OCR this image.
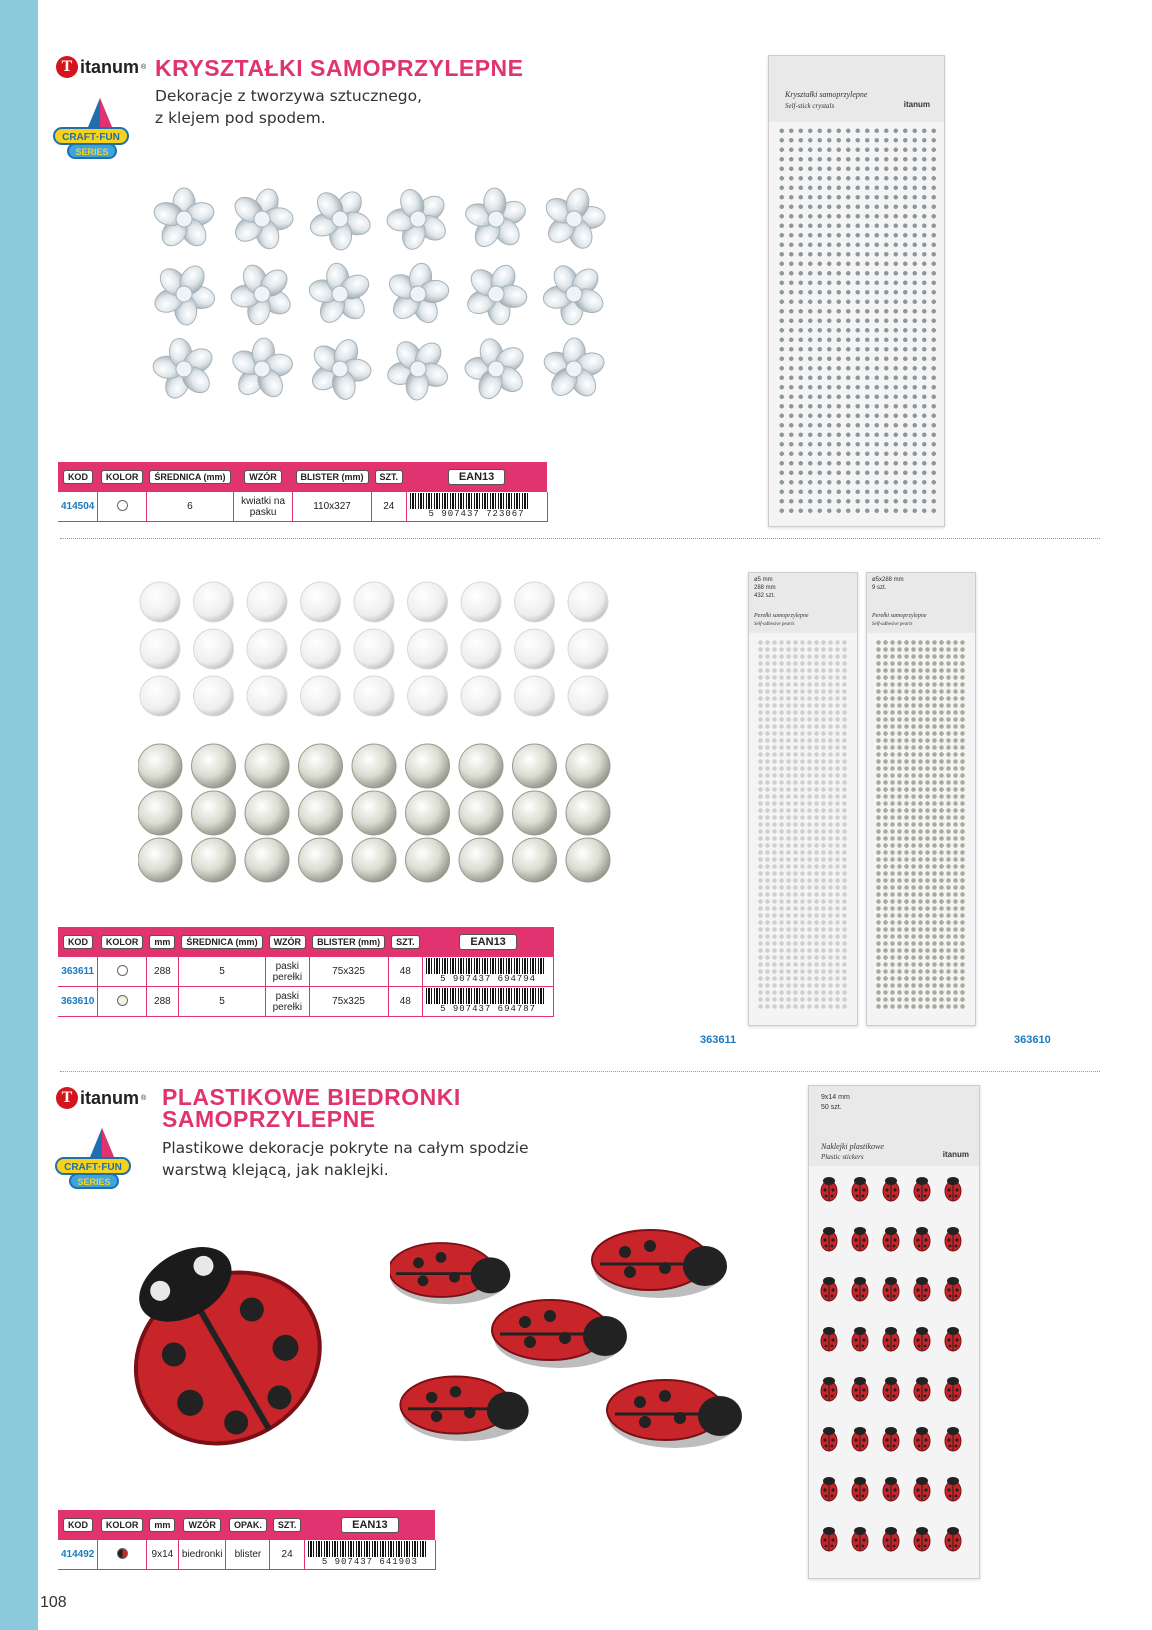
T itanum ® KRYSZTAŁKI SAMOPRZYLEPNE
Dekoracje z tworzywa sztucznego,
z klejem pod spodem.
CRAFT·FUN
SERIES
KOD	KOLOR	ŚREDNICA (mm)	WZÓR	BLISTER (mm)	SZT.	EAN13
414504		6	kwiatki na pasku	110x327	24	5 907437 723067
Kryształki samoprzylepne
Self-stick crystals	itanum
KOD	KOLOR	mm	ŚREDNICA (mm)	WZÓR	BLISTER (mm)	SZT.	EAN13
363611		288	5	paski perełki	75x325	48	5 907437 694794

363610		288	5	paski perełki	75x325	48	5 907437 694787
ø5 mm
288 mm
432 szt.
Perełki samoprzylepne
Self-adhesive pearls
363611
ø5x288 mm
9 szt.
Perełki samoprzylepne
Self-adhesive pearls
363610
T itanum ® PLASTIKOWE BIEDRONKI
SAMOPRZYLEPNE
Plastikowe dekoracje pokryte na całym spodzie
warstwą klejącą, jak naklejki.
CRAFT·FUN
SERIES
KOD	KOLOR	mm	WZÓR	OPAK.	SZT.	EAN13
414492		9x14	biedronki	blister	24	5 907437 641903
9x14 mm
50 szt.
Naklejki plastikowe
Plastic stickers	itanum
108
